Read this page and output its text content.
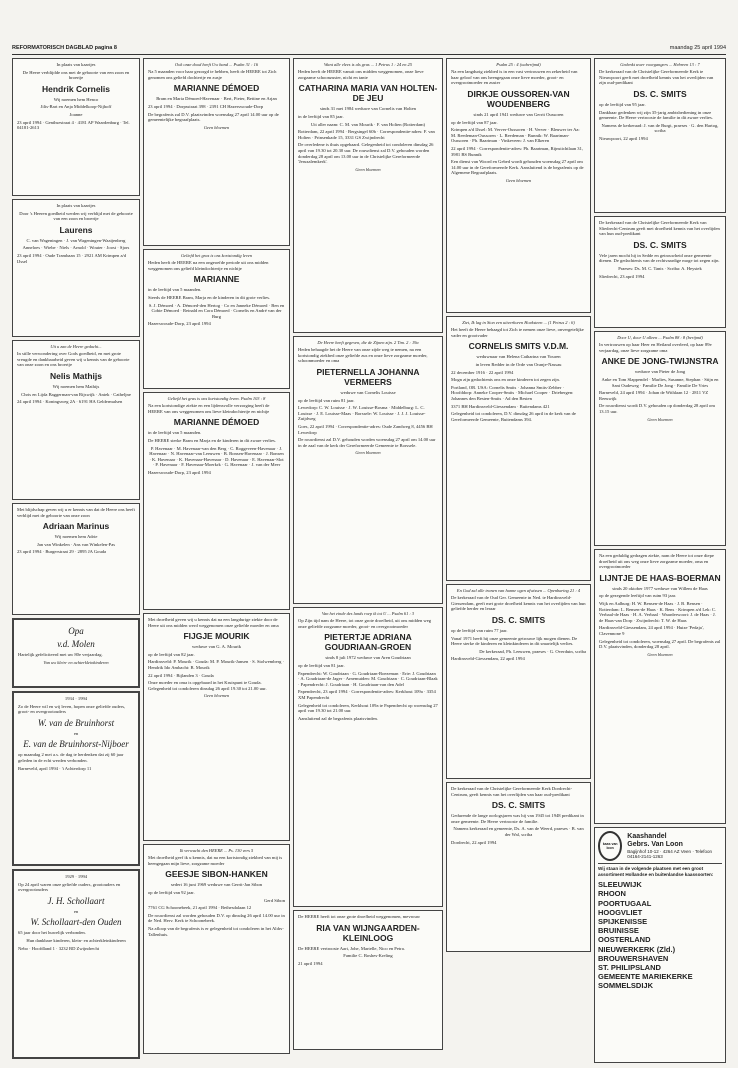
REFORMATORISCH DAGBLAD pagina 8	maandag 25 april 1994

In plaats van kaartjes

De Heere verblijdde ons met de geboorte van een zoon en broertje

Hendrik Cornelis

Wij noemen hem Henco

Jilis-Bart en Anja Middelkoop-Nijhoff

Joanne

23 april 1994 · Genthsestraat 4 · 4181 AP Waardenburg · Tel. 04181-2613

In plaats van kaartjes

Door 's Heeren goedheid werden wij verblijd met de geboorte van een zoon en broertje

Laurens

C. van Wageningen · J. van Wageningen-Waaijenberg

Anneloes · Wiebe · Niels · Arnold · Wouter · Joost · Sjors

23 april 1994 · Oude Trambaan 15 · 2921 AM Krimpen a/d IJssel

Uit u zan de Heere gedacht...

In stille verwondering over Gods goedheid, en met grote vreugde en dankbaarheid geven wij u kennis van de geboorte van onze zoon en ons broertje

Nelis Mathijs

Wij noemen hem Mathijs

Chris en Lijda Baggerman-van Rijswijk · Aniek · Catheljne

24 april 1994 · Koningsweg 2A · 6191 HA Geldermalsen

Met blijdschap geven wij u er kennis van dat de Heere ons heeft verblijd met de geboorte van onze zoon

Adriaan Marinus

Wij noemen hem Adrie

Jan van Winkelen · Ans van Winkelen-Pas

23 april 1994 · Burgerstraat 29 · 2895 JA Gouda

Opa
v.d. Molen

Hartelijk gefeliciteerd met uw 80e verjaardag.

Van uw klein- en achterkleinkinderen

1934 · 1994

Zo de Heere wil en wij leven, hopen onze geliefde ouders, groot- en overgrootouders

W. van de Bruinhorst

en

E. van de Bruinhorst-Nijboer

op maandag 2 mei a.s. de dag te herdenken dat zij 60 jaar geleden in de echt werden verbonden.

Barneveld, april 1994 · 't Achterdorp 11

1929 · 1994

Op 24 april waren onze geliefde ouders, grootouders en overgrootouders

J. H. Schollaart

en

W. Schollaart-den Ouden

65 jaar door het huwelijk verbonden.

Hun dankbare kinderen, klein- en achterkleinkinderen

Nebo · Hoofdland 1 · 3232 BD Zwijndrecht

Ook onze dood heeft Uw hand ... Psalm 31 : 16

Na 5 maanden voor haar gezorgd te hebben, heeft de HEERE tot Zich genomen ons geliefd dochtertje en zusje

MARIANNE DÉMOED

Bram en Maria Démoed-Havenaar · Bert, Pieter, Bettine en Arjan

23 april 1994 · Dorpsstraat 398 · 2391 CH Hazerswoude-Dorp

De begrafenis zal D.V. plaatsvinden woensdag 27 april 14.00 uur op de gemeentelijke begraafplaats.

Geen bloemen

Geliefd het gras is ons kortstondig leven

Heden heeft de HEERE na een ongeoefde periode uit ons midden weggenomen ons geliefd kleindochtertje en nichtje

MARIANNE

in de leeftijd van 5 maanden.

Steeds de HEERE Bram, Marja en de kinderen in dit grote verlies.

S. J. Démoed · A. Démoed-den Hertog · Co en Janneke Démoed · Ben en Cobie Démoed · Reinald en Cora Démoed · Cornelis en André van der Burg

Hazerswoude-Dorp, 23 april 1994

Geliefd het gras is ons kortstondig leven. Psalm 103 : 8

Na een kortstondige ziekte en een lijdensvolle verzorging heeft de HEERE van ons weggenomen ons lieve kleindochtertje en nichtje

MARIANNE DÉMOED

in de leeftijd van 5 maanden.

De HEERE sterke Bram en Marja en de kinderen in dit zware verlies.

P. Havenaar · M. Havenaar-van den Berg · C. Roggeveen-Havenaar · J. Havenaar · N. Havenaar-van Leeuwen · B. Bonsen-Havenaar · J. Bonsen · K. Havenaar · K. Havenaar-Havenaar · D. Havenaar · E. Havenaar-Slot · P. Havenaar · F. Havenaar-Moerkrk · G. Havenaar · J. van der Meer

Hazerswoude-Dorp, 23 april 1994

Met droefheid geven wij u kennis dat na een langdurige ziekte door de Heere uit ons midden werd weggenomen onze geliefde moeder en oma

FIJGJE MOURIK

weduwe van G. A. Mourik

op de leeftijd van 82 jaar.

Hardinxveld: P. Mourik · Gouda: M. P. Mourik-Jansen · S. Stolwemberg · Hendrik Ido Ambacht: B. Mourik

22 april 1994 · Bijlanden 3 · Gouda

Onze moeder en oma is opgebaard in het Kruispunt te Gouda. Gelegenheid tot condoleren dinsdag 26 april 19.30 tot 21.00 uur.

Geen bloemen

Ik verwacht den HEERE ... Ps. 130 vers 5

Met droefheid geef ik u kennis, dat na een kortstondig ziekbed van mij is heengegaan mijn lieve, zorgzame moeder

GEESJE SIBON-HANKEN

sedert 16 juni 1969 weduwe van Gerrit-Jan Sibon

op de leeftijd van 92 jaar.

Gerd Sibon

7761 CG Schoonebeek, 21 april 1994 · Bethesdalaan 12

De rouwdienst zal worden gehouden D.V. op dinsdag 26 april 14.00 uur in de Ned. Herv. Kerk te Schoonebeek.

Na afloop van de begrafenis is er gelegenheid tot condoleren in het Aldrs-Tallenhuis.

Want alle vlees is als gras ... 1 Petrus 1 : 24 en 25

Heden heeft de HEERE vanuit ons midden weggenomen, onze lieve zorgzame schoonzuster, nicht en tante

CATHARINA MARIA VAN HOLTEN-DE JEU

sinds 31 mei 1984 weduwe van Cornelis van Holten

in de leeftijd van 85 jaar.

Uit aller naam: C. M. van Mourik · F. van Holten (Rotterdam)

Rotterdam, 22 april 1994 · Bergsingel 60b · Correspondentie-adres: F. van Holten · Prinsenkade 15, 3331 GS Zwijndrecht

De overledene is thuis opgebaard. Gelegenheid tot condoleren dinsdag 26 april van 19.30 tot 20.30 uur. De rouwdienst zal D.V. gehouden worden donderdag 28 april om 13.00 uur in de Christelijke Gereformeerde 'Jeruzalemkerk'.

Geen bloemen

De Heere heeft gegeven, die de Zijnen zijn. 2 Tim. 2 : 19a

Heden behaagde het de Heere van onze zijde weg te nemen, na een kortstondig ziekbed onze geliefde zus en onze lieve zorgzame moeder, schoonmoeder en oma

PIETERNELLA JOHANNA VERMEERS

weduwe van Cornelis Louisse

op de leeftijd van ruim 81 jaar.

Lewedorp: C. W. Louisse · J. W. Louisse-Bosma · Middelburg: L. C. Louisse · J. E. Louisse-Maas · Borssele: W. Louisse · J. J. J. Louisse-Zuijdweg

Goes, 22 april 1994 · Correspondentie-adres: Oude Zandweg 8, 4456 BH Lewedorp

De rouwdienst zal D.V. gehouden worden woensdag 27 april om 14.00 uur in de zaal van de kerk der Gereformeerde Gemeente te Borssele.

Geen bloemen

Van het einde des lands roep ik tot U ... Psalm 61 : 3

Op Zijn tijd nam de Heere, tot onze grote droefheid, uit ons midden weg onze geliefde zorgzame moeder, groot- en overgrootmoeder

PIETERTJE ADRIANA GOUDRIAAN-GROEN

sinds 8 juli 1972 weduwe van Aren Goudriaan

op de leeftijd van 81 jaar.

Papendrecht: W. Goudriaan · G. Goudriaan-Boezeman · Erie: J. Goudriaan · A. Goudriaan-de Jager · Arnemuiden: M. Goudriaan · C. Goudriaan-Blaak · Papendrecht: J. Goudriaan · H. Goudriaan-van den Adel

Papendrecht, 23 april 1994 · Correspondentie-adres: Kerkhout 109a · 3354 XM Papendrecht

Gelegenheid tot condoleren, Kerkhout 109a te Papendrecht op woensdag 27 april van 19.30 tot 21.00 uur.

Aansluitend zal de begrafenis plaatsvinden.

De HEERE heeft tot onze grote droefheid weggenomen, mevrouw

RIA VAN WIJNGAARDEN-KLEINLOOG

De HEERE vertrooste Aart, Johe, Martelle, Nico en Petra.

Familie C. Boshes-Kreling

21 april 1994

Psalm 25 : 4 (oaberijmd)

Na een langdurig ziekbed is in een vast vertrouwen en zekerheid van haar geloof van ons heengegaan onze lieve moeder, groot- en overgrootmoeder en zuster

DIRKJE OUSSOREN-VAN WOUDENBERG

sinds 21 april 1941 weduwe van Gerrit Oussoren

op de leeftijd van 87 jaar.

Krimpen a/d IJssel: M. Verver-Oussoren · H. Verver · Bleuwer ter Aa: M. Reedeman-Oussoren · L. Reedeman · Bunnik: W. Baartman-Oussoren · Ph. Baartman · Vinkeveen: J. van Elkeren

22 april 1994 · Correspondentie-adres: Ph. Baartman, Rijnstichtlaan 31, 3981 BS Bunnik

Een dienst van Woord en Gebed wordt gehouden woensdag 27 april om 14.00 uur in de Gereformeerde Kerk. Aansluitend is de begrafenis op de Algemene Begraafplaats.

Geen bloemen

Ziet, Ik lag in Sion een uitverkoren Hoeksteen ... (1 Petrus 2 : 6)

Het heeft de Heere behaagd tot Zich te nemen onze lieve, onvergetelijke vader en grootvader

CORNELIS SMITS V.D.M.

weduwnaar van Helena Catharina van Youren

in leven Redder in de Orde van Oranje-Nassau

22 december 1916 · 22 april 1994

Mogn zijn gedachtenis ons en onze kinderen tot zegen zijn.

Portland, OR. USA: Cornelis Smits · Johanna Smits-Zebber · Hoofddorp: Anneke Cooper-Smits · Michael Cooper · Driebergen: Johannes den Besten-Smits · Ad den Besten

3371 BH Hardinxveld-Giessendam · Buitendams 421

Gelegenheid tot condoleren, D.V. dinsdag 26 april in de kerk van de Gereformeerde Gemeente, Buitendams 394.

En God zal alle tranen van hunne ogen afwissen ... Openbaring 21 : 4

De kerkeraad van de Oud Ger. Gemeente in Ned. te Hardinxveld-Giessendam, geeft met grote droefheid kennis van het overlijden van hun geliefde herder en leraar

DS. C. SMITS

op de leeftijd van ruim 77 jaar.

Vanaf 1971 heeft hij onze gemeente getrouwe lijk mogen dienen. De Heere sterke de kinderen en kleinkinderen in dit smartelijk verlies.

De kerkeraad, Ph. Leeuwen, praeses · G. Overduin, scriba

Hardinxveld-Giessendam, 22 april 1994

De kerkeraad van de Christelijke Gereformeerde Kerk Dordrecht-Centrum, geeft kennis van het overlijden van haar oud-predikant

DS. C. SMITS

Gedurende de lange oorlogsjaren was hij van 1945 tot 1948 predikant in onze gemeente. De Heere vertrooste de familie.

Namens kerkeraad en gemeente, Ds. A. van de Weerd, praeses · B. van der Wal, scriba

Dordrecht, 22 april 1994

Gedenkt uwer voorgangers ... Hebreen 13 : 7

De kerkeraad van de Christelijke Gereformeerde Kerk te Nieuwpoort geeft met droefheid kennis van het overlijden van zijn oud-predikant

DS. C. SMITS

op de leeftijd van 95 jaar.

Dankbaar gedenken wij zijn 35-jarig ambtsbediening in onze gemeente. De Heere vertrooste de familie in dit zware verlies.

Namens de kerkeraad: J. van de Burgt, praeses · G. den Hartog, scriba

Nieuwpoort, 22 april 1994

De kerkeraad van de Christelijke Gereformeerde Kerk van Sliedrecht-Centrum geeft met droefheid kennis van het overlijden van hun oud-predikant

DS. C. SMITS

Vele jaren mocht hij in Sedde en getrouwheid onze gemeente dienen. De gedachtenis van de rechtvaardige moge tot zegen zijn.

Praeses: Ds. M. C. Tanis · Scriba: A. Heystek

Sliedrecht, 23 april 1994

Door U, door U alleen ... Psalm 88 : 8 (berijmd)

In vertrouwen op haar Heer en Heiland overleed, op haar 89e verjaardag, onze lieve zorgzame oma

ANKE DE JONG-TWIJNSTRA

weduwe van Pieter de Jong

Anke en Tom Slappendel · Marlies, Susanne, Stephan · Stijn en Sani Oudeweg · Familie De Jong · Familie De Vries

Barneveld, 24 april 1994 · Johan de Withlaan 12 · 2811 VZ Reeuwijk

De rouwdienst wordt D.V. gehouden op donderdag 28 april om 13.15 uur.

Geen bloemen

Na een geduldig gedragen ziekte, nam de Heere tot onze diepe droefheid uit ons weg onze lieve zorgzame moeder, oma en overgrootmoeder

LIJNTJE DE HAAS-BOERMAN

sinds 20 oktober 1977 weduwe van Willem de Haas

op de gezegende leeftijd van ruim 93 jaar.

Wijk en Aalburg: H. W. Bensen-de Haas · J. B. Bensen · Rotterdam: L. Bensen-de Haas · K. Bens · Krimpen a/d Lek: C. Verbaal-de Haas · H. A. Verbaal · Waarderwoort: J. de Haas · J. de Haas-van Dorp · Zwijndrecht: T. W. de Haas

Hardinxveld-Giessendam, 24 april 1994 · Huize 'Pedaja', Clavennone 9

Gelegenheid tot condoleren, woensdag 27 april. De begrafenis zal D.V. plaatsvinden, donderdag 28 april.

Geen bloemen

kaas van loon
Kaashandel
Gebrs. Van Loon
Bagijnhof 10-12 · 4264 AZ Veen · Telefoon 04164-2141-1263

Wij staan in de volgende plaatsen met een groot assortiment Hollandse en buitenlandse kaassoorten:

SLEEUWIJK
RHOON
POORTUGAAL
HOOGVLIET
SPIJKENISSE
BRUINISSE
OOSTERLAND
NIEUWERKERK (Zld.)
BROUWERSHAVEN
ST. PHILIPSLAND
GEMEENTE MARIEKERKE
SOMMELSDIJK
